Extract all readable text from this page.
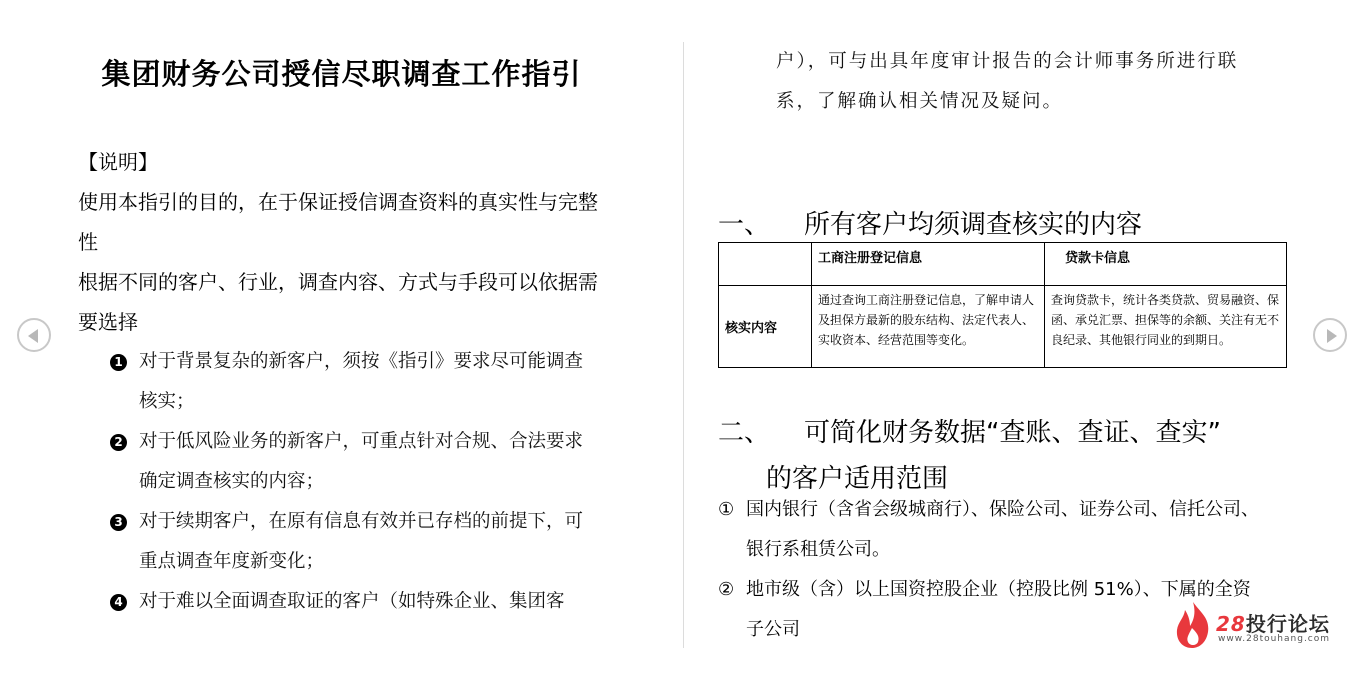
集团财务公司授信尽职调查工作指引
【说明】
使用本指引的目的，在于保证授信调查资料的真实性与完整
性
根据不同的客户、行业，调查内容、方式与手段可以依据需
要选择
1 对于背景复杂的新客户，须按《指引》要求尽可能调查
核实；
2 对于低风险业务的新客户，可重点针对合规、合法要求
确定调查核实的内容；
3 对于续期客户，在原有信息有效并已存档的前提下，可
重点调查年度新变化；
4 对于难以全面调查取证的客户（如特殊企业、集团客
户），可与出具年度审计报告的会计师事务所进行联
系，了解确认相关情况及疑问。
一、 所有客户均须调查核实的内容
	工商注册登记信息	贷款卡信息
核实内容	通过查询工商注册登记信息，了解申请人及担保方最新的股东结构、法定代表人、实收资本、经营范围等变化。	查询贷款卡，统计各类贷款、贸易融资、保函、承兑汇票、担保等的余额、关注有无不良纪录、其他银行同业的到期日。
二、 可简化财务数据“查账、查证、查实”
的客户适用范围
① 国内银行（含省会级城商行）、保险公司、证券公司、信托公司、
银行系租赁公司。
② 地市级（含）以上国资控股企业（控股比例 51%）、下属的全资
子公司	28投行论坛
www.28touhang.com
